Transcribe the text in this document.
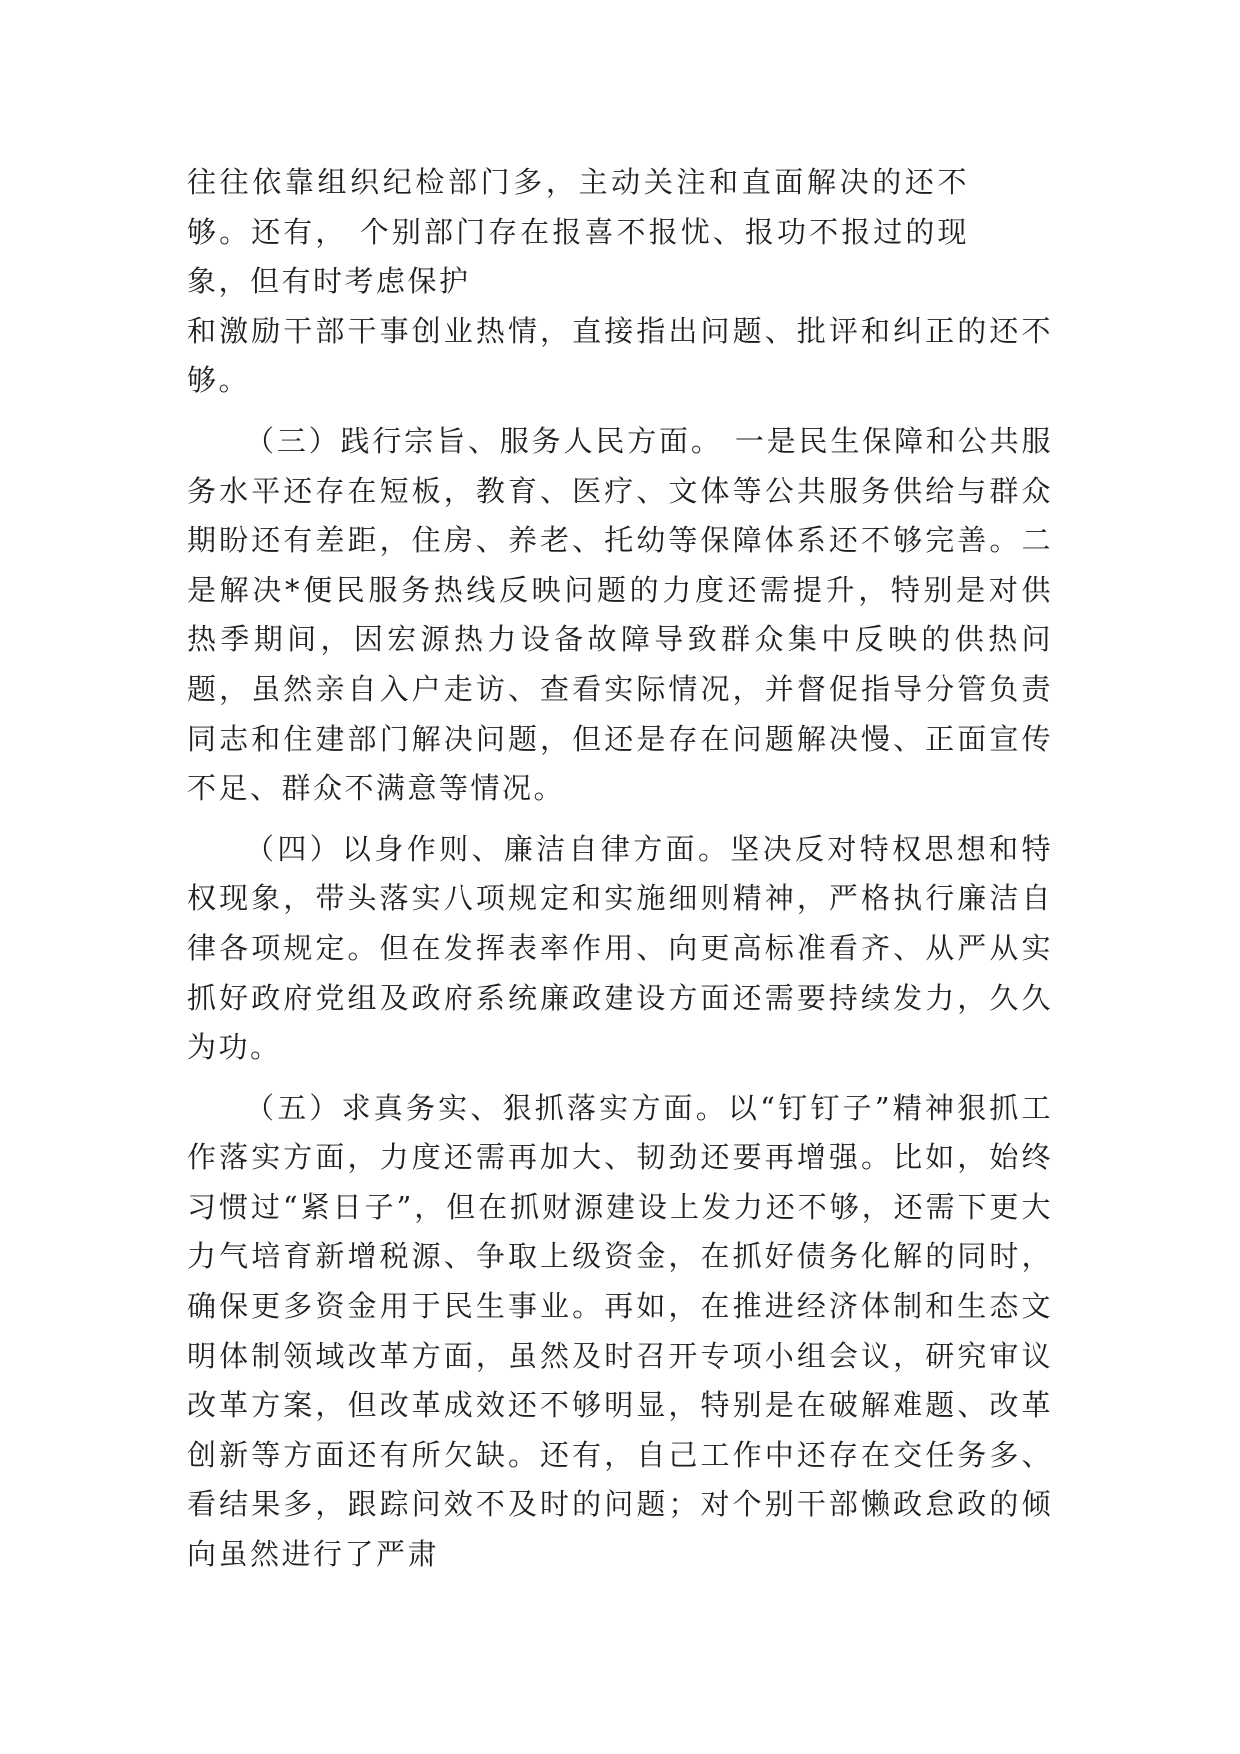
往往依靠组织纪检部门多，主动关注和直面解决的还不够。还有， 个别部门存在报喜不报忧、报功不报过的现象，但有时考虑保护

和激励干部干事创业热情，直接指出问题、批评和纠正的还不够。

（三）践行宗旨、服务人民方面。 一是民生保障和公共服务水平还存在短板，教育、医疗、文体等公共服务供给与群众期盼还有差距，住房、养老、托幼等保障体系还不够完善。二是解决*便民服务热线反映问题的力度还需提升，特别是对供热季期间，因宏源热力设备故障导致群众集中反映的供热问题，虽然亲自入户走访、查看实际情况，并督促指导分管负责同志和住建部门解决问题，但还是存在问题解决慢、正面宣传不足、群众不满意等情况。

（四）以身作则、廉洁自律方面。坚决反对特权思想和特权现象，带头落实八项规定和实施细则精神，严格执行廉洁自律各项规定。但在发挥表率作用、向更高标准看齐、从严从实抓好政府党组及政府系统廉政建设方面还需要持续发力，久久为功。

（五）求真务实、狠抓落实方面。以“钉钉子”精神狠抓工作落实方面，力度还需再加大、韧劲还要再增强。比如，始终习惯过“紧日子”，但在抓财源建设上发力还不够，还需下更大力气培育新增税源、争取上级资金，在抓好债务化解的同时，确保更多资金用于民生事业。再如，在推进经济体制和生态文明体制领域改革方面，虽然及时召开专项小组会议，研究审议改革方案，但改革成效还不够明显，特别是在破解难题、改革创新等方面还有所欠缺。还有，自己工作中还存在交任务多、看结果多，跟踪问效不及时的问题；对个别干部懒政怠政的倾向虽然进行了严肃
